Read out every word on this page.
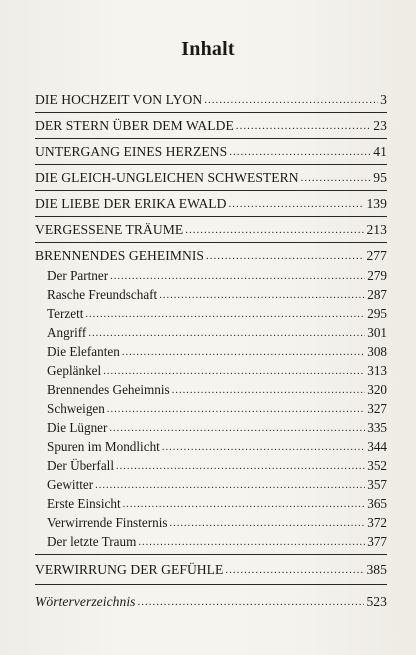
Inhalt
DIE HOCHZEIT VON LYON .....	3
DER STERN ÜBER DEM WALDE .....	23
UNTERGANG EINES HERZENS .....	41
DIE GLEICH-UNGLEICHEN SCHWESTERN .....	95
DIE LIEBE DER ERIKA EWALD .....	139
VERGESSENE TRÄUME .....	213
BRENNENDES GEHEIMNIS .....	277
Der Partner .....	279
Rasche Freundschaft .....	287
Terzett .....	295
Angriff .....	301
Die Elefanten .....	308
Geplänkel .....	313
Brennendes Geheimnis .....	320
Schweigen .....	327
Die Lügner .....	335
Spuren im Mondlicht .....	344
Der Überfall .....	352
Gewitter .....	357
Erste Einsicht .....	365
Verwirrende Finsternis .....	372
Der letzte Traum .....	377
VERWIRRUNG DER GEFÜHLE .....	385
Wörterverzeichnis .....	523
